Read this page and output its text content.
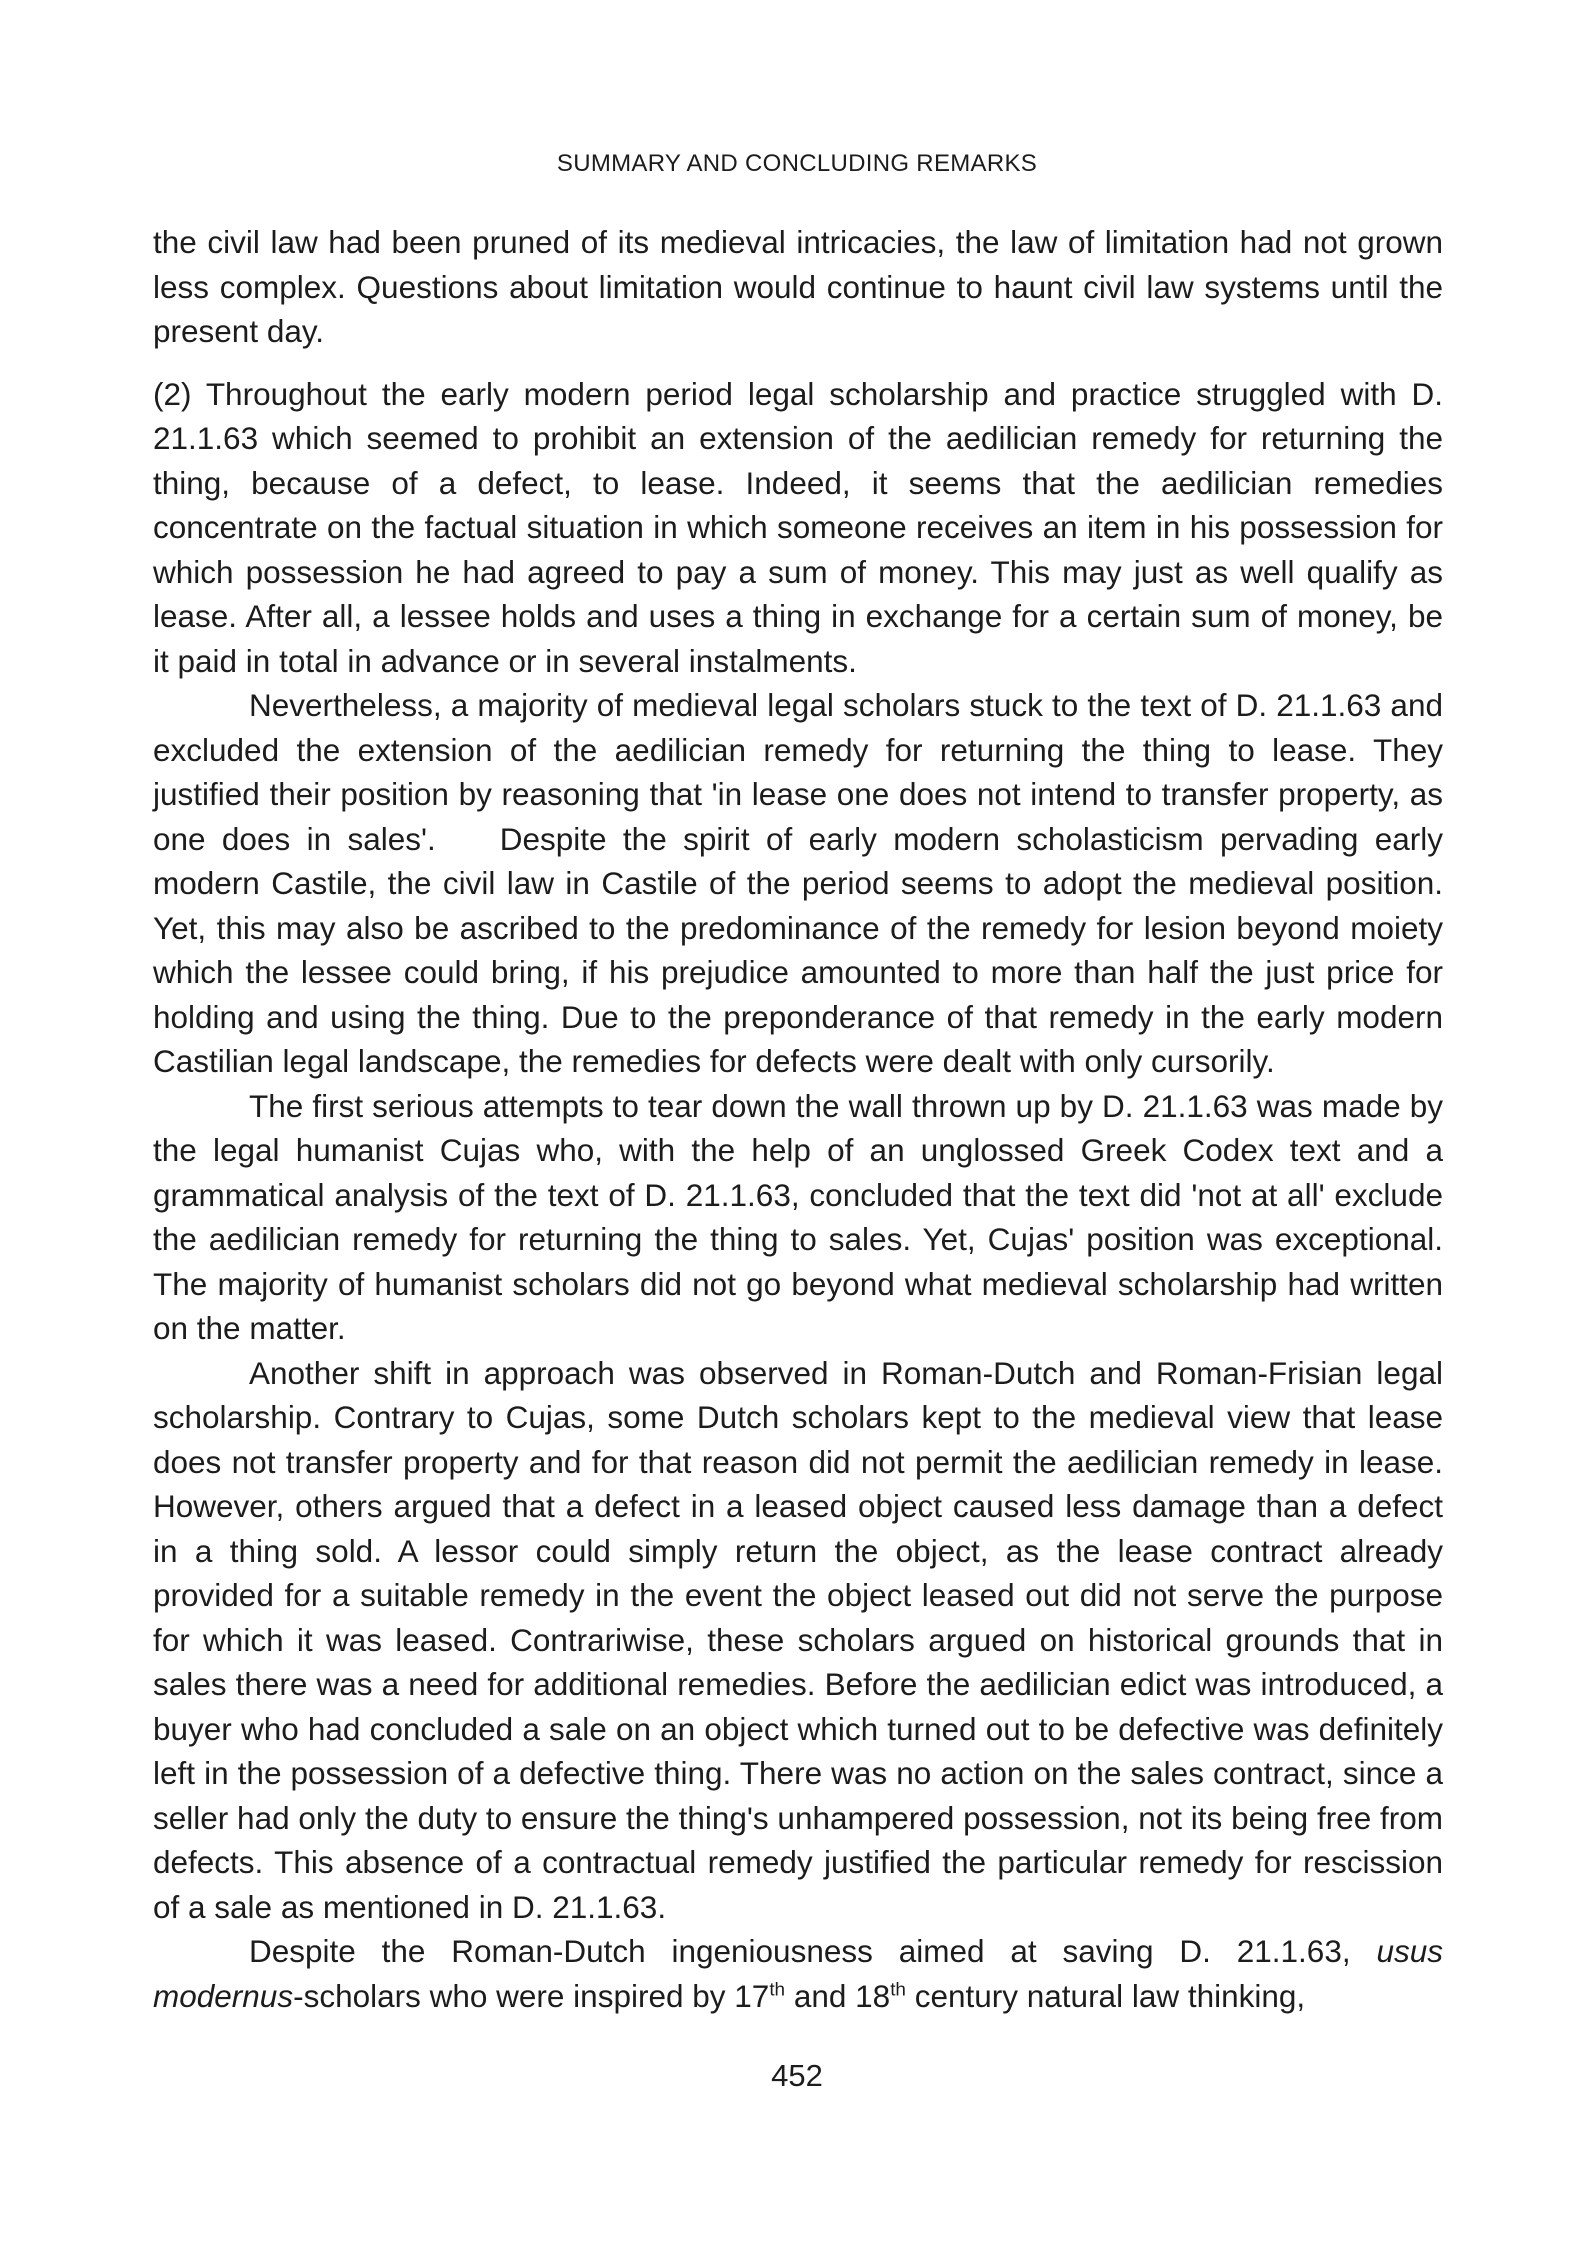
SUMMARY AND CONCLUDING REMARKS

the civil law had been pruned of its medieval intricacies, the law of limitation had not grown less complex. Questions about limitation would continue to haunt civil law systems until the present day.

(2) Throughout the early modern period legal scholarship and practice struggled with D. 21.1.63 which seemed to prohibit an extension of the aedilician remedy for returning the thing, because of a defect, to lease. Indeed, it seems that the aedilician remedies concentrate on the factual situation in which someone receives an item in his possession for which possession he had agreed to pay a sum of money. This may just as well qualify as lease. After all, a lessee holds and uses a thing in exchange for a certain sum of money, be it paid in total in advance or in several instalments.

Nevertheless, a majority of medieval legal scholars stuck to the text of D. 21.1.63 and excluded the extension of the aedilician remedy for returning the thing to lease. They justified their position by reasoning that 'in lease one does not intend to transfer property, as one does in sales'. Despite the spirit of early modern scholasticism pervading early modern Castile, the civil law in Castile of the period seems to adopt the medieval position. Yet, this may also be ascribed to the predominance of the remedy for lesion beyond moiety which the lessee could bring, if his prejudice amounted to more than half the just price for holding and using the thing. Due to the preponderance of that remedy in the early modern Castilian legal landscape, the remedies for defects were dealt with only cursorily.

The first serious attempts to tear down the wall thrown up by D. 21.1.63 was made by the legal humanist Cujas who, with the help of an unglossed Greek Codex text and a grammatical analysis of the text of D. 21.1.63, concluded that the text did 'not at all' exclude the aedilician remedy for returning the thing to sales. Yet, Cujas' position was exceptional. The majority of humanist scholars did not go beyond what medieval scholarship had written on the matter.

Another shift in approach was observed in Roman-Dutch and Roman-Frisian legal scholarship. Contrary to Cujas, some Dutch scholars kept to the medieval view that lease does not transfer property and for that reason did not permit the aedilician remedy in lease. However, others argued that a defect in a leased object caused less damage than a defect in a thing sold. A lessor could simply return the object, as the lease contract already provided for a suitable remedy in the event the object leased out did not serve the purpose for which it was leased. Contrariwise, these scholars argued on historical grounds that in sales there was a need for additional remedies. Before the aedilician edict was introduced, a buyer who had concluded a sale on an object which turned out to be defective was definitely left in the possession of a defective thing. There was no action on the sales contract, since a seller had only the duty to ensure the thing's unhampered possession, not its being free from defects. This absence of a contractual remedy justified the particular remedy for rescission of a sale as mentioned in D. 21.1.63.

Despite the Roman-Dutch ingeniousness aimed at saving D. 21.1.63, usus modernus-scholars who were inspired by 17th and 18th century natural law thinking,

452
